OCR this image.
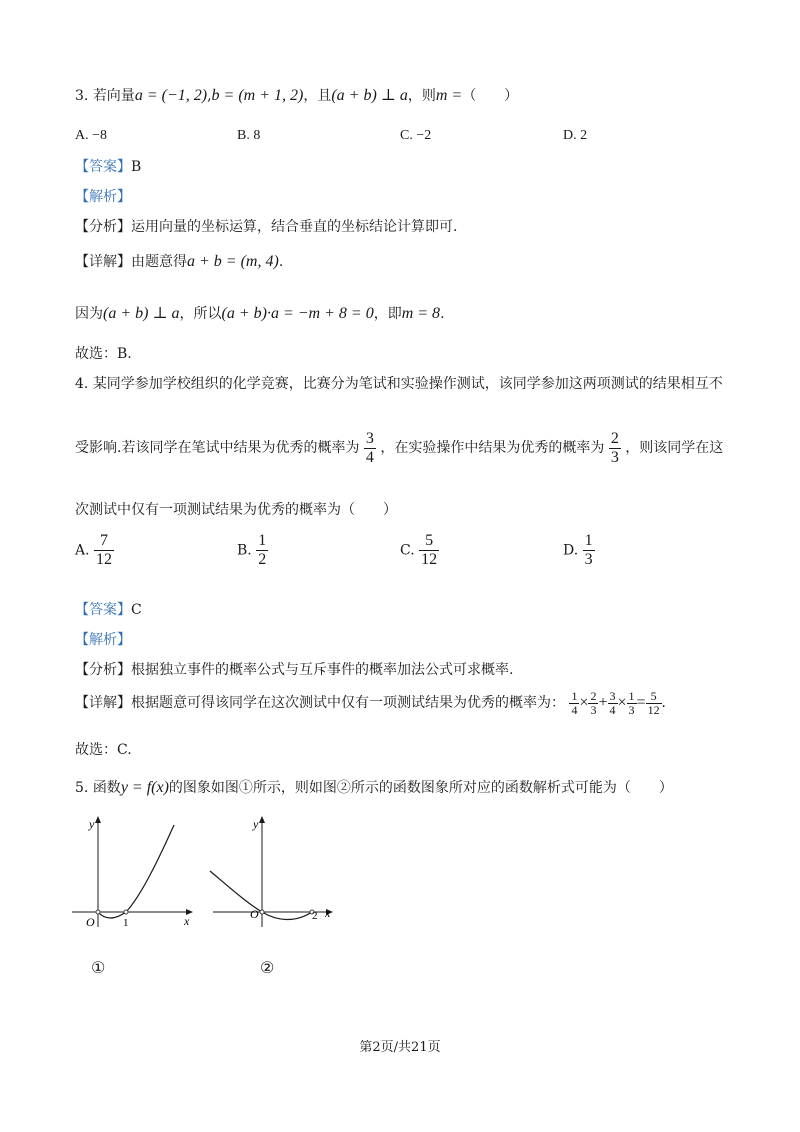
3. 若向量a = (−1, 2),b = (m + 1, 2)，且(a + b) ⊥ a，则m =（　　）
A. −8	B. 8	C. −2	D. 2
【答案】B
【解析】
【分析】运用向量的坐标运算，结合垂直的坐标结论计算即可.
【详解】由题意得a + b = (m, 4).
因为(a + b) ⊥ a，所以(a + b)·a = −m + 8 = 0，即m = 8.
故选：B.
4. 某同学参加学校组织的化学竞赛，比赛分为笔试和实验操作测试，该同学参加这两项测试的结果相互不
受影响.若该同学在笔试中结果为优秀的概率为 $\frac{3}{4}$ ，在实验操作中结果为优秀的概率为 $\frac{2}{3}$ ，则该同学在这
次测试中仅有一项测试结果为优秀的概率为（　　）
A. $\frac{7}{12}$	B. $\frac{1}{2}$	C. $\frac{5}{12}$	D. $\frac{1}{3}$
【答案】C
【解析】
【分析】根据独立事件的概率公式与互斥事件的概率加法公式可求概率.
【详解】根据题意可得该同学在这次测试中仅有一项测试结果为优秀的概率为： $\frac{1}{4} \times \frac{2}{3} + \frac{3}{4} \times \frac{1}{3} = \frac{5}{12}$ .
故选：C.
5. 函数y = f(x)的图象如图①所示，则如图②所示的函数图象所对应的函数解析式可能为（　　）
y
x
O	1
①
y
x
O	2
②
第2页/共21页
